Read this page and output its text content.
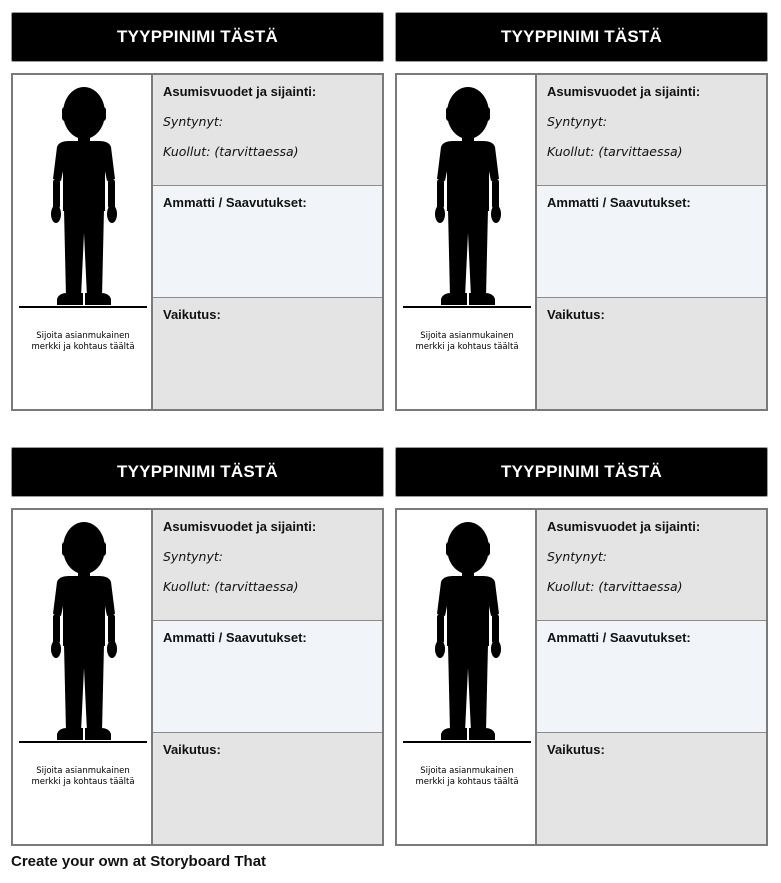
TYYPPINIMI TÄSTÄ
Sijoita asianmukainen merkki ja kohtaus täältä
Asumisvuodet ja sijainti:
Syntynyt:
Kuollut: (tarvittaessa)
Ammatti / Saavutukset:
Vaikutus:
TYYPPINIMI TÄSTÄ
Sijoita asianmukainen merkki ja kohtaus täältä
Asumisvuodet ja sijainti:
Syntynyt:
Kuollut: (tarvittaessa)
Ammatti / Saavutukset:
Vaikutus:
TYYPPINIMI TÄSTÄ
Sijoita asianmukainen merkki ja kohtaus täältä
Asumisvuodet ja sijainti:
Syntynyt:
Kuollut: (tarvittaessa)
Ammatti / Saavutukset:
Vaikutus:
TYYPPINIMI TÄSTÄ
Sijoita asianmukainen merkki ja kohtaus täältä
Asumisvuodet ja sijainti:
Syntynyt:
Kuollut: (tarvittaessa)
Ammatti / Saavutukset:
Vaikutus:
Create your own at Storyboard That
